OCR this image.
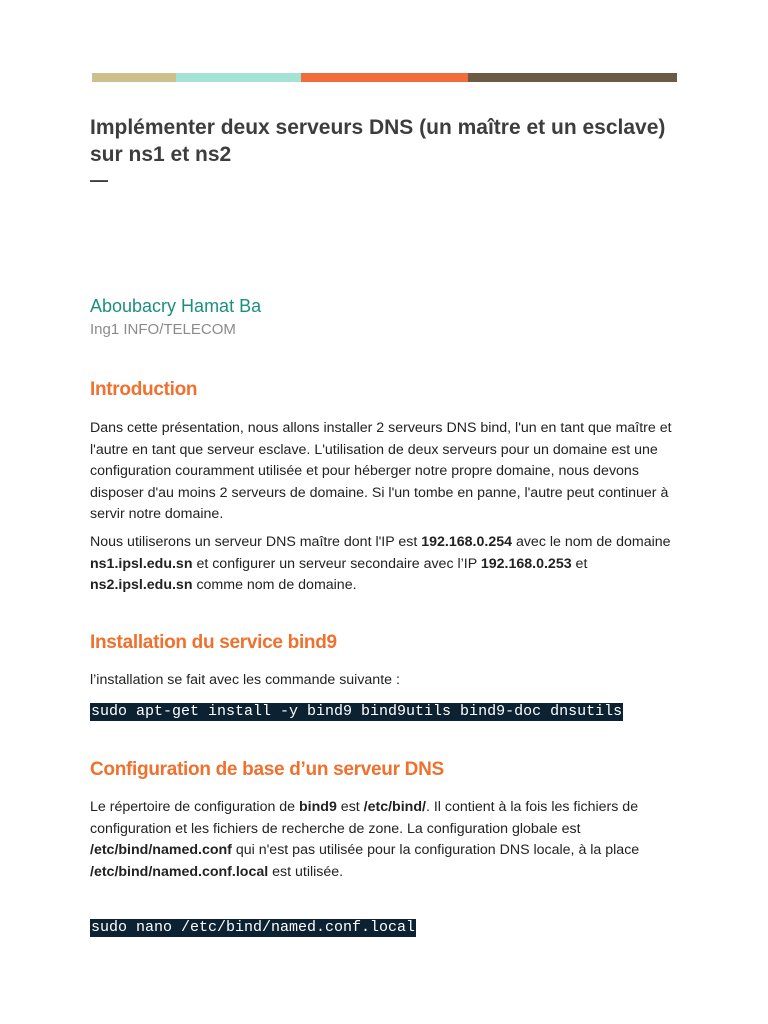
Implémenter deux serveurs DNS (un maître et un esclave) sur ns1 et ns2
—
Aboubacry Hamat Ba
Ing1 INFO/TELECOM
Introduction

Dans cette présentation, nous allons installer 2 serveurs DNS bind, l'un en tant que maître et l'autre en tant que serveur esclave. L'utilisation de deux serveurs pour un domaine est une configuration couramment utilisée et pour héberger notre propre domaine, nous devons disposer d'au moins 2 serveurs de domaine. Si l'un tombe en panne, l'autre peut continuer à servir notre domaine.

Nous utiliserons un serveur DNS maître dont l'IP est 192.168.0.254 avec le nom de domaine ns1.ipsl.edu.sn et configurer un serveur secondaire avec l’IP 192.168.0.253 et ns2.ipsl.edu.sn comme nom de domaine.

Installation du service bind9

l’installation se fait avec les commande suivante :

sudo apt-get install -y bind9 bind9utils bind9-doc dnsutils
Configuration de base d’un serveur DNS

Le répertoire de configuration de bind9 est /etc/bind/. Il contient à la fois les fichiers de configuration et les fichiers de recherche de zone. La configuration globale est /etc/bind/named.conf qui n'est pas utilisée pour la configuration DNS locale, à la place /etc/bind/named.conf.local est utilisée.

sudo nano /etc/bind/named.conf.local
